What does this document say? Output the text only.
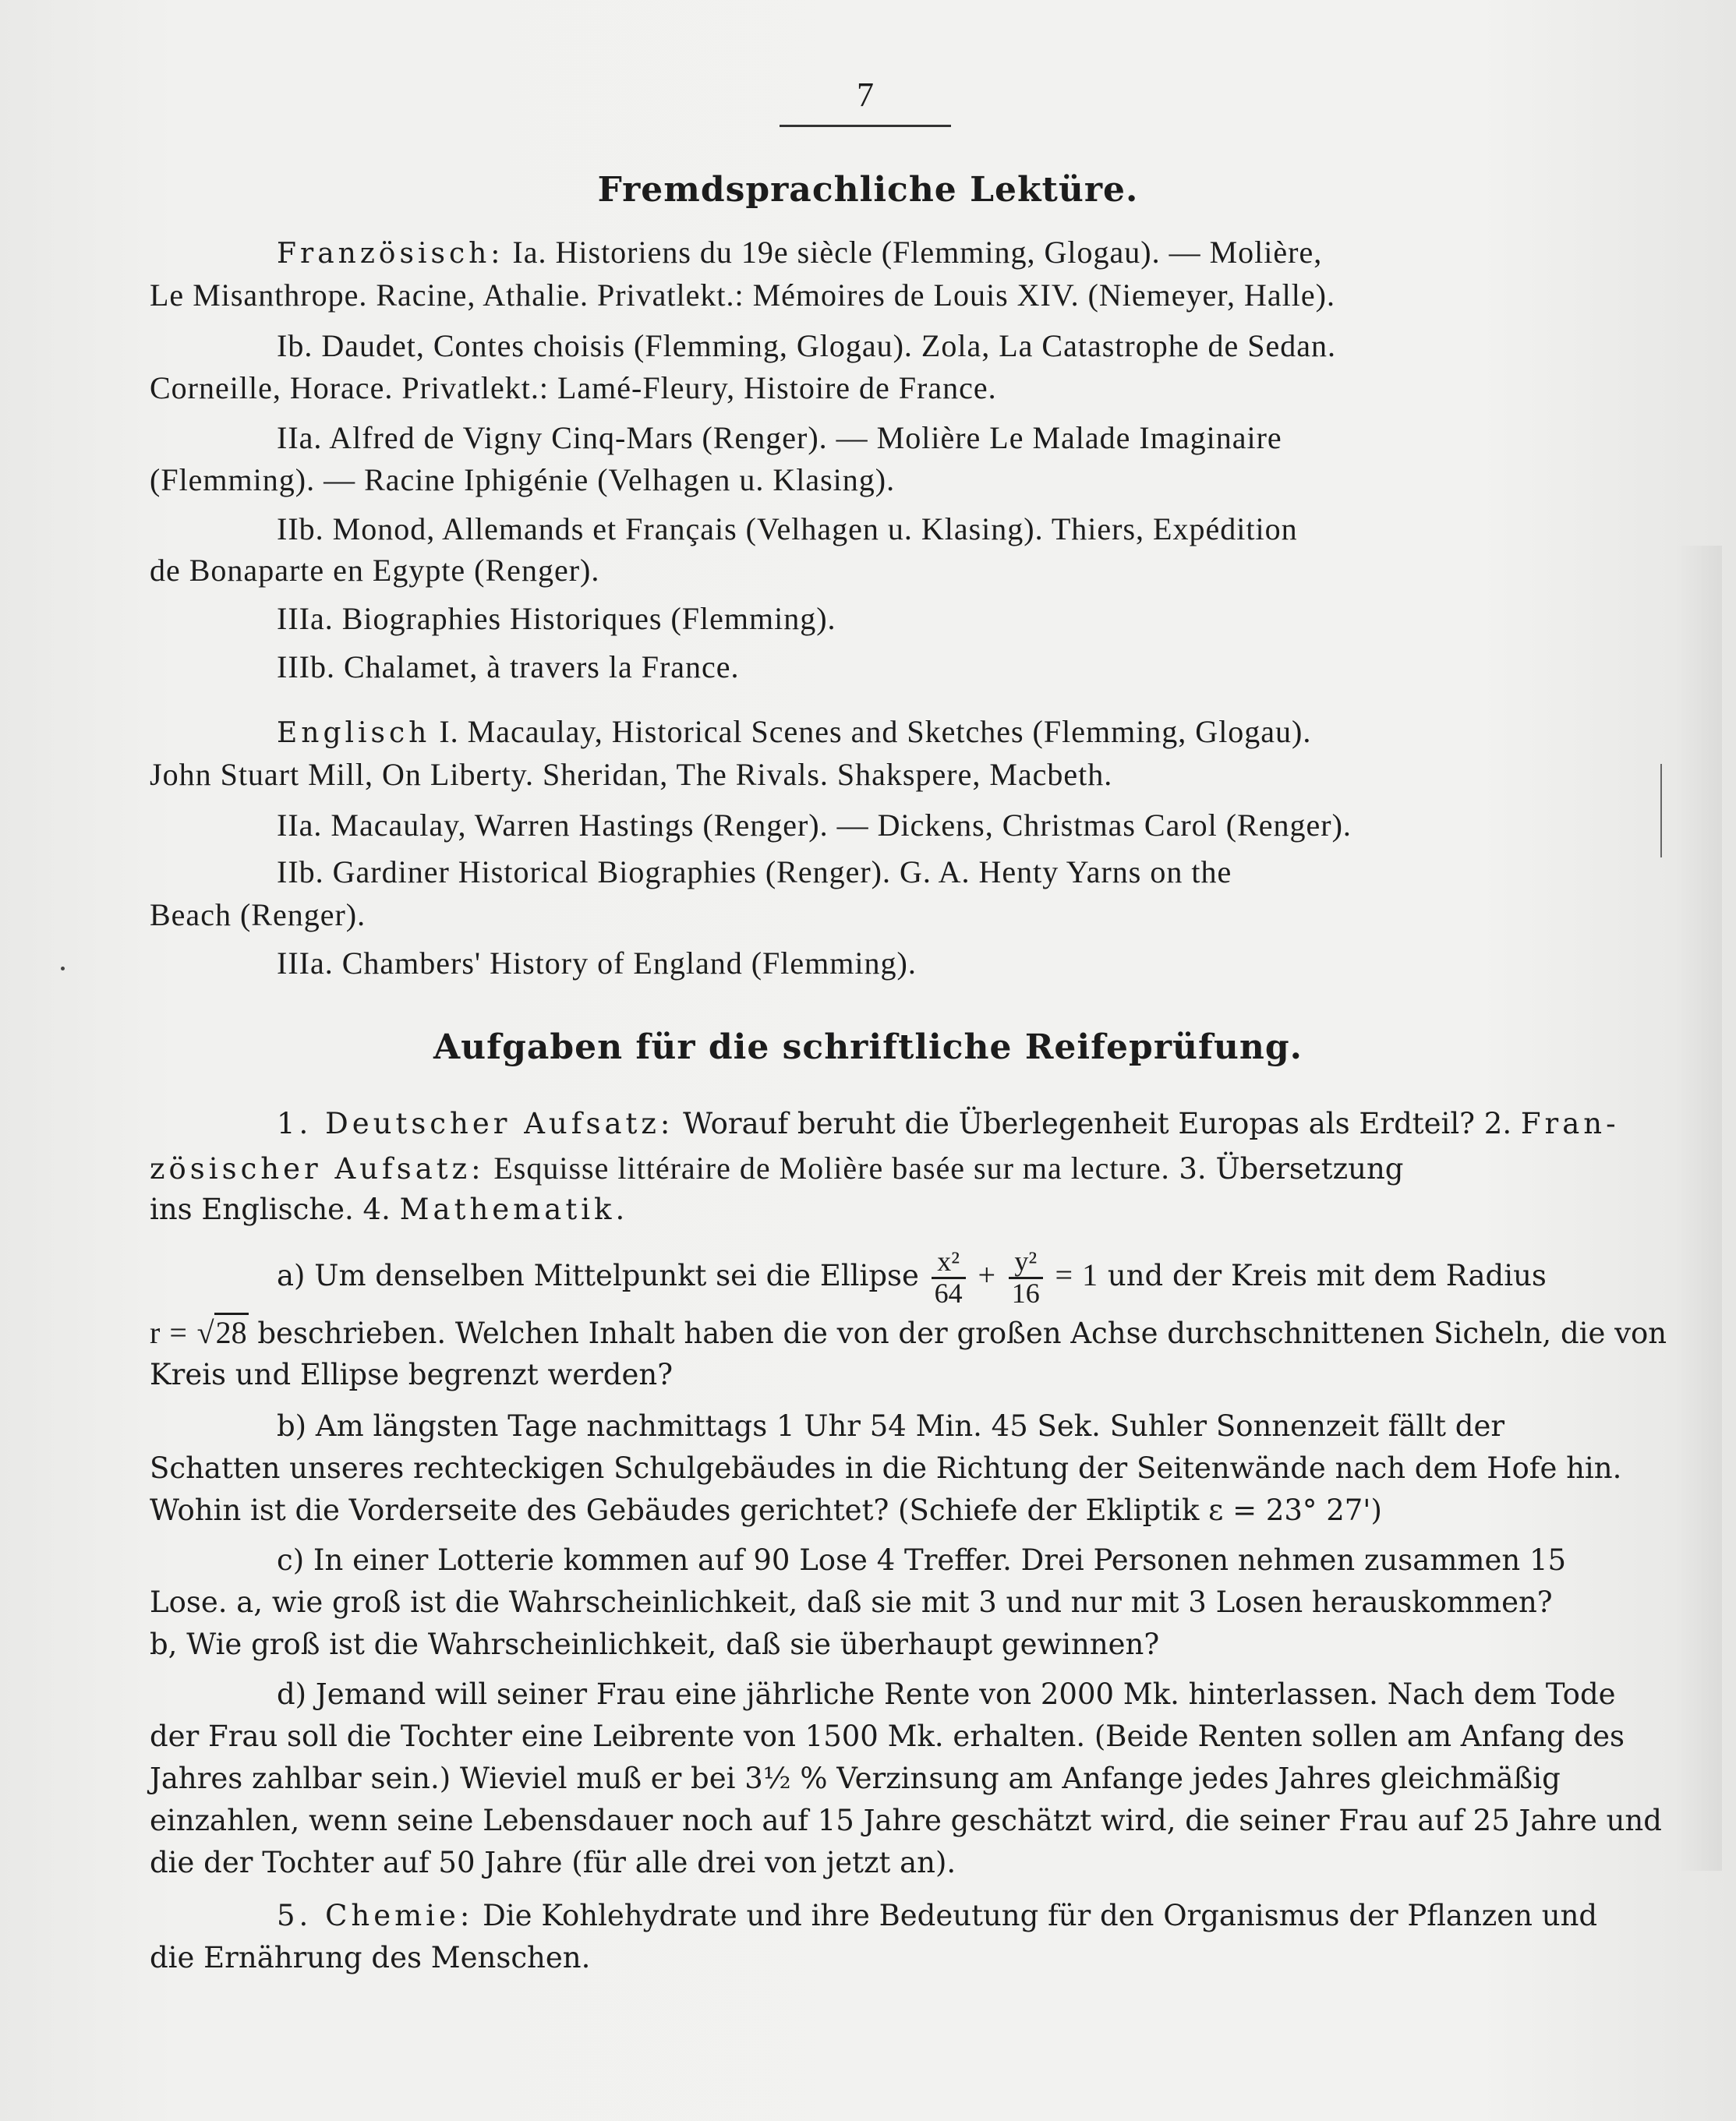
7
Fremdsprachliche Lektüre.
Französisch: Ia. Historiens du 19e siècle (Flemming, Glogau). — Molière,
Le Misanthrope. Racine, Athalie. Privatlekt.: Mémoires de Louis XIV. (Niemeyer, Halle).
Ib. Daudet, Contes choisis (Flemming, Glogau). Zola, La Catastrophe de Sedan.
Corneille, Horace. Privatlekt.: Lamé-Fleury, Histoire de France.
IIa. Alfred de Vigny Cinq-Mars (Renger). — Molière Le Malade Imaginaire
(Flemming). — Racine Iphigénie (Velhagen u. Klasing).
IIb. Monod, Allemands et Français (Velhagen u. Klasing). Thiers, Expédition
de Bonaparte en Egypte (Renger).
IIIa. Biographies Historiques (Flemming).
IIIb. Chalamet, à travers la France.
Englisch I. Macaulay, Historical Scenes and Sketches (Flemming, Glogau).
John Stuart Mill, On Liberty. Sheridan, The Rivals. Shakspere, Macbeth.
IIa. Macaulay, Warren Hastings (Renger). — Dickens, Christmas Carol (Renger).
IIb. Gardiner Historical Biographies (Renger). G. A. Henty Yarns on the
Beach (Renger).
IIIa. Chambers' History of England (Flemming).
Aufgaben für die schriftliche Reifeprüfung.
1. Deutscher Aufsatz: Worauf beruht die Überlegenheit Europas als Erdteil? 2. Fran-
zösischer Aufsatz: Esquisse littéraire de Molière basée sur ma lecture. 3. Übersetzung
ins Englische. 4. Mathematik.
a) Um denselben Mittelpunkt sei die Ellipse $\frac{\text{x²}}{64} + \frac{\text{y²}}{16} = 1$ und der Kreis mit dem Radius
r = √28 beschrieben. Welchen Inhalt haben die von der großen Achse durchschnittenen Sicheln, die von
Kreis und Ellipse begrenzt werden?
b) Am längsten Tage nachmittags 1 Uhr 54 Min. 45 Sek. Suhler Sonnenzeit fällt der
Schatten unseres rechteckigen Schulgebäudes in die Richtung der Seitenwände nach dem Hofe hin.
Wohin ist die Vorderseite des Gebäudes gerichtet? (Schiefe der Ekliptik ε = 23° 27')
c) In einer Lotterie kommen auf 90 Lose 4 Treffer. Drei Personen nehmen zusammen 15
Lose. a, wie groß ist die Wahrscheinlichkeit, daß sie mit 3 und nur mit 3 Losen herauskommen?
b, Wie groß ist die Wahrscheinlichkeit, daß sie überhaupt gewinnen?
d) Jemand will seiner Frau eine jährliche Rente von 2000 Mk. hinterlassen. Nach dem Tode
der Frau soll die Tochter eine Leibrente von 1500 Mk. erhalten. (Beide Renten sollen am Anfang des
Jahres zahlbar sein.) Wieviel muß er bei 3½ % Verzinsung am Anfange jedes Jahres gleichmäßig
einzahlen, wenn seine Lebensdauer noch auf 15 Jahre geschätzt wird, die seiner Frau auf 25 Jahre und
die der Tochter auf 50 Jahre (für alle drei von jetzt an).
5. Chemie: Die Kohlehydrate und ihre Bedeutung für den Organismus der Pflanzen und
die Ernährung des Menschen.
